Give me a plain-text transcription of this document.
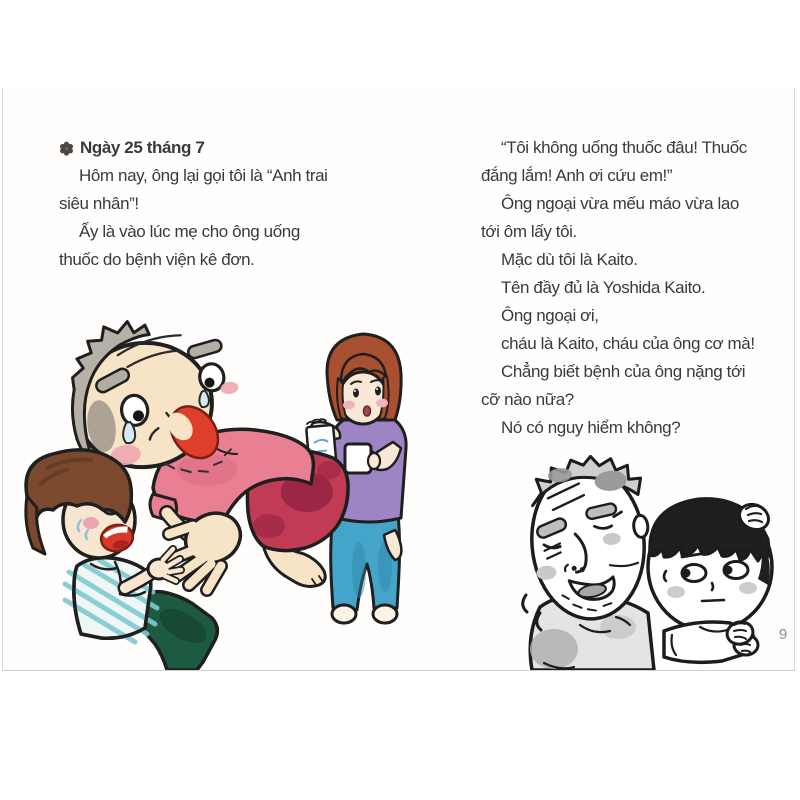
Ngày 25 tháng 7
Hôm nay, ông lại gọi tôi là “Anh trai
siêu nhân”!
Ấy là vào lúc mẹ cho ông uống
thuốc do bệnh viện kê đơn.
“Tôi không uống thuốc đâu! Thuốc
đắng lắm! Anh ơi cứu em!”
Ông ngoại vừa mếu máo vừa lao
tới ôm lấy tôi.
Mặc dù tôi là Kaito.
Tên đầy đủ là Yoshida Kaito.
Ông ngoại ơi,
cháu là Kaito, cháu của ông cơ mà!
Chẳng biết bệnh của ông nặng tới
cỡ nào nữa?
Nó có nguy hiểm không?
9
